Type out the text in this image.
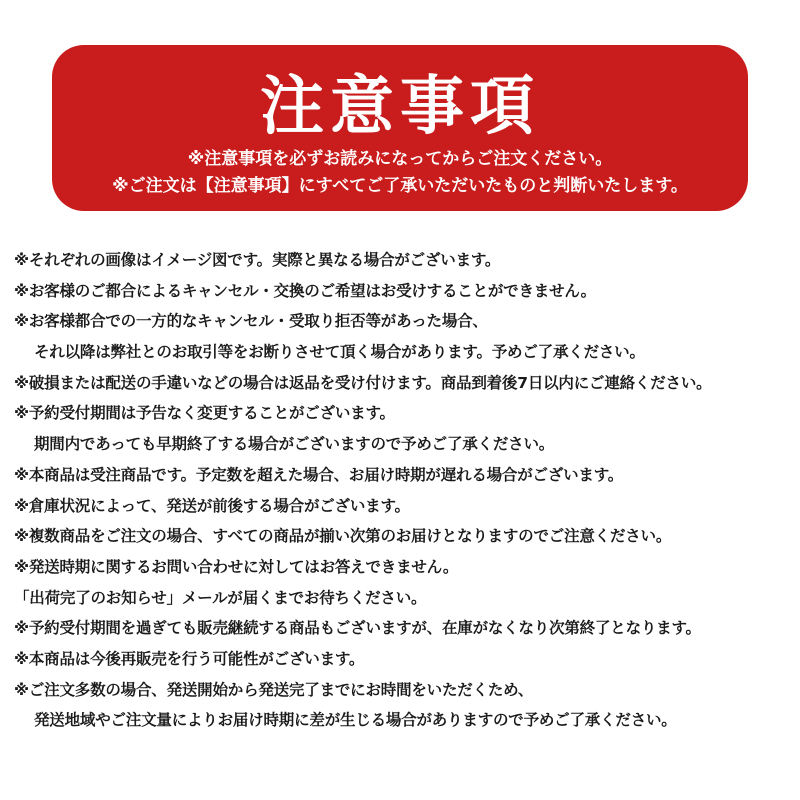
注意事項
※注意事項を必ずお読みになってからご注文ください。
※ご注文は【注意事項】にすべてご了承いただいたものと判断いたします。
※それぞれの画像はイメージ図です。実際と異なる場合がございます。
※お客様のご都合によるキャンセル・交換のご希望はお受けすることができません。
※お客様都合での一方的なキャンセル・受取り拒否等があった場合、
それ以降は弊社とのお取引等をお断りさせて頂く場合があります。予めご了承ください。
※破損または配送の手違いなどの場合は返品を受け付けます。商品到着後7日以内にご連絡ください。
※予約受付期間は予告なく変更することがございます。
期間内であっても早期終了する場合がございますので予めご了承ください。
※本商品は受注商品です。予定数を超えた場合、お届け時期が遅れる場合がございます。
※倉庫状況によって、発送が前後する場合がございます。
※複数商品をご注文の場合、すべての商品が揃い次第のお届けとなりますのでご注意ください。
※発送時期に関するお問い合わせに対してはお答えできません。
「出荷完了のお知らせ」メールが届くまでお待ちください。
※予約受付期間を過ぎても販売継続する商品もございますが、在庫がなくなり次第終了となります。
※本商品は今後再販売を行う可能性がございます。
※ご注文多数の場合、発送開始から発送完了までにお時間をいただくため、
発送地域やご注文量によりお届け時期に差が生じる場合がありますので予めご了承ください。
